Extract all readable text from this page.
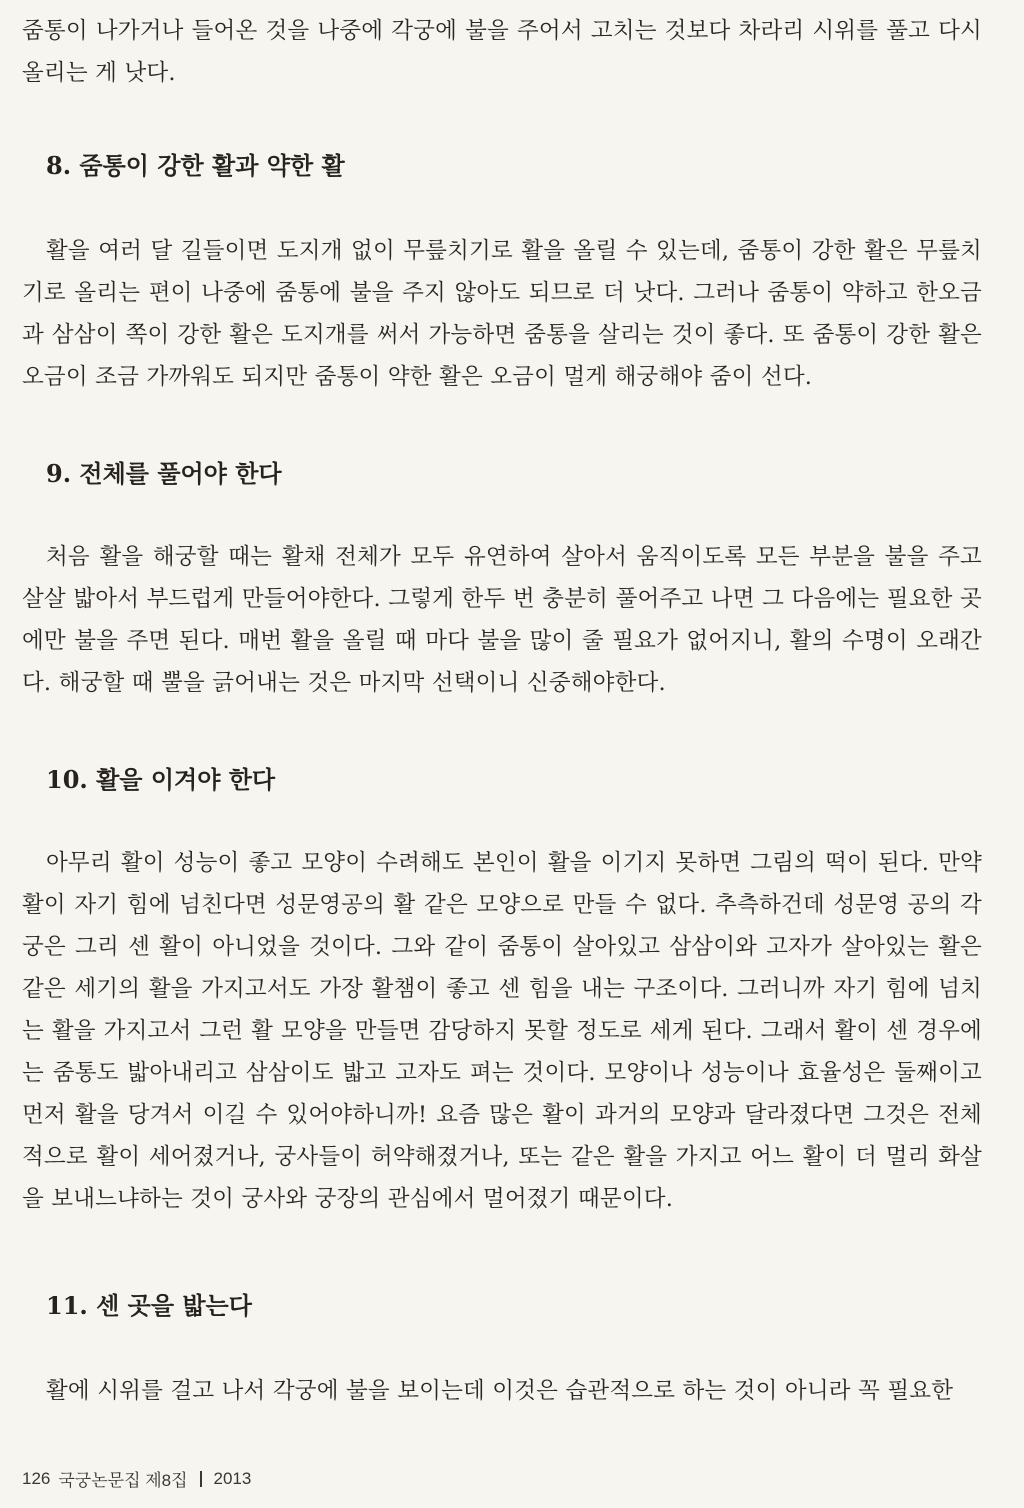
줌통이 나가거나 들어온 것을 나중에 각궁에 불을 주어서 고치는 것보다 차라리 시위를 풀고 다시 올리는 게 낫다.

8. 줌통이 강한 활과 약한 활

활을 여러 달 길들이면 도지개 없이 무릎치기로 활을 올릴 수 있는데, 줌통이 강한 활은 무릎치기로 올리는 편이 나중에 줌통에 불을 주지 않아도 되므로 더 낫다. 그러나 줌통이 약하고 한오금과 삼삼이 쪽이 강한 활은 도지개를 써서 가능하면 줌통을 살리는 것이 좋다. 또 줌통이 강한 활은 오금이 조금 가까워도 되지만 줌통이 약한 활은 오금이 멀게 해궁해야 줌이 선다.

9. 전체를 풀어야 한다

처음 활을 해궁할 때는 활채 전체가 모두 유연하여 살아서 움직이도록 모든 부분을 불을 주고 살살 밟아서 부드럽게 만들어야한다. 그렇게 한두 번 충분히 풀어주고 나면 그 다음에는 필요한 곳에만 불을 주면 된다. 매번 활을 올릴 때 마다 불을 많이 줄 필요가 없어지니, 활의 수명이 오래간다. 해궁할 때 뿔을 긁어내는 것은 마지막 선택이니 신중해야한다.

10. 활을 이겨야 한다

아무리 활이 성능이 좋고 모양이 수려해도 본인이 활을 이기지 못하면 그림의 떡이 된다. 만약 활이 자기 힘에 넘친다면 성문영공의 활 같은 모양으로 만들 수 없다. 추측하건데 성문영 공의 각궁은 그리 센 활이 아니었을 것이다. 그와 같이 줌통이 살아있고 삼삼이와 고자가 살아있는 활은 같은 세기의 활을 가지고서도 가장 활챔이 좋고 센 힘을 내는 구조이다. 그러니까 자기 힘에 넘치는 활을 가지고서 그런 활 모양을 만들면 감당하지 못할 정도로 세게 된다. 그래서 활이 센 경우에는 줌통도 밟아내리고 삼삼이도 밟고 고자도 펴는 것이다. 모양이나 성능이나 효율성은 둘째이고 먼저 활을 당겨서 이길 수 있어야하니까! 요즘 많은 활이 과거의 모양과 달라졌다면 그것은 전체적으로 활이 세어졌거나, 궁사들이 허약해졌거나, 또는 같은 활을 가지고 어느 활이 더 멀리 화살을 보내느냐하는 것이 궁사와 궁장의 관심에서 멀어졌기 때문이다.

11. 센 곳을 밟는다

활에 시위를 걸고 나서 각궁에 불을 보이는데 이것은 습관적으로 하는 것이 아니라 꼭 필요한

126 국궁논문집 제8집 2013
